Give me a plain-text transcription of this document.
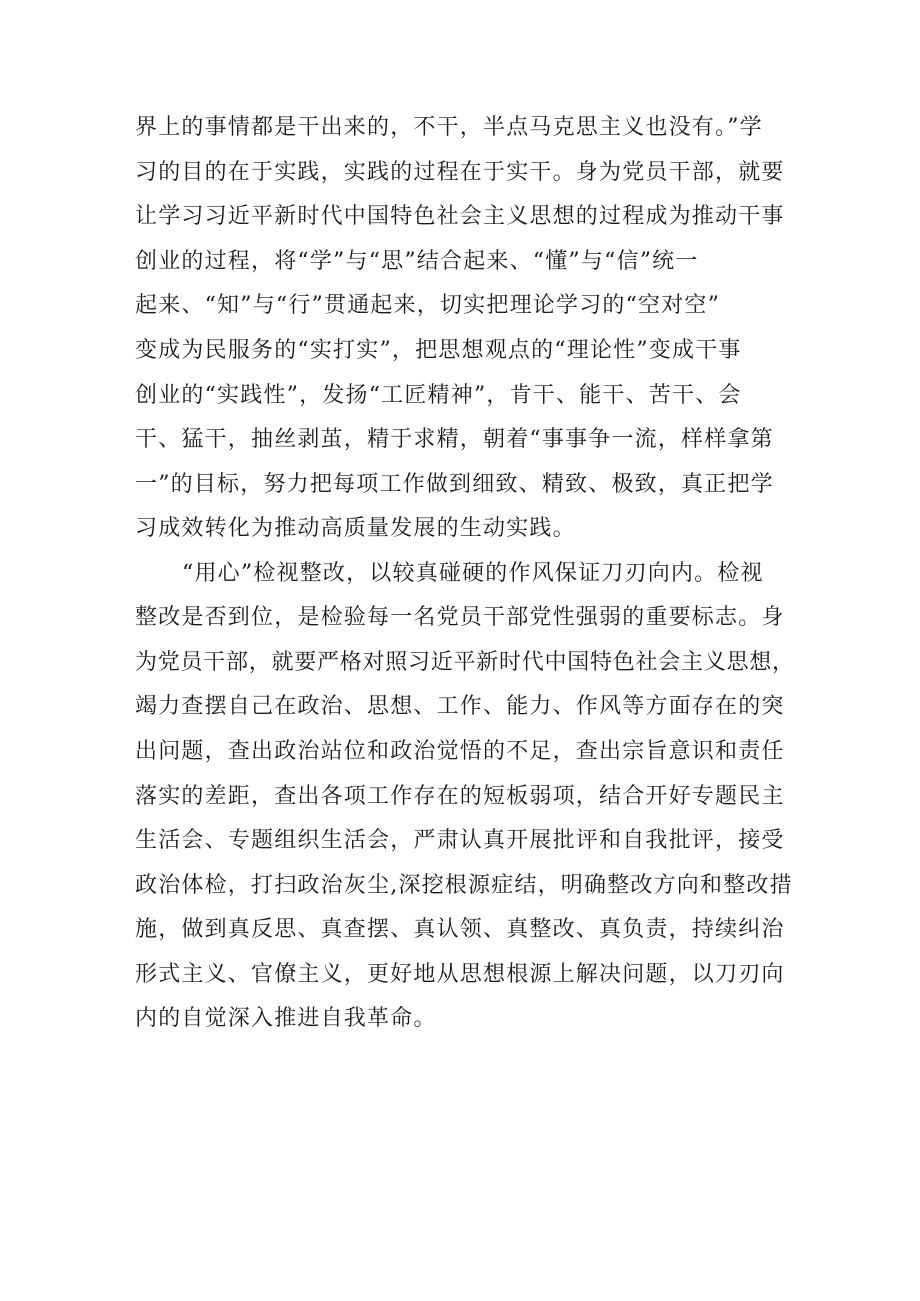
界上的事情都是干出来的，不干，半点马克思主义也没有。”学
习的目的在于实践，实践的过程在于实干。身为党员干部，就要
让学习习近平新时代中国特色社会主义思想的过程成为推动干事
创业的过程，将“学”与“思”结合起来、“懂”与“信”统一
起来、“知”与“行”贯通起来，切实把理论学习的“空对空”
变成为民服务的“实打实”，把思想观点的“理论性”变成干事
创业的“实践性”，发扬“工匠精神”，肯干、能干、苦干、会
干、猛干，抽丝剥茧，精于求精，朝着“事事争一流，样样拿第
一”的目标，努力把每项工作做到细致、精致、极致，真正把学
习成效转化为推动高质量发展的生动实践。
“用心”检视整改，以较真碰硬的作风保证刀刃向内。检视
整改是否到位，是检验每一名党员干部党性强弱的重要标志。身
为党员干部，就要严格对照习近平新时代中国特色社会主义思想，
竭力查摆自己在政治、思想、工作、能力、作风等方面存在的突
出问题，查出政治站位和政治觉悟的不足，查出宗旨意识和责任
落实的差距，查出各项工作存在的短板弱项，结合开好专题民主
生活会、专题组织生活会，严肃认真开展批评和自我批评，接受
政治体检，打扫政治灰尘,深挖根源症结，明确整改方向和整改措
施，做到真反思、真查摆、真认领、真整改、真负责，持续纠治
形式主义、官僚主义，更好地从思想根源上解决问题，以刀刃向
内的自觉深入推进自我革命。
